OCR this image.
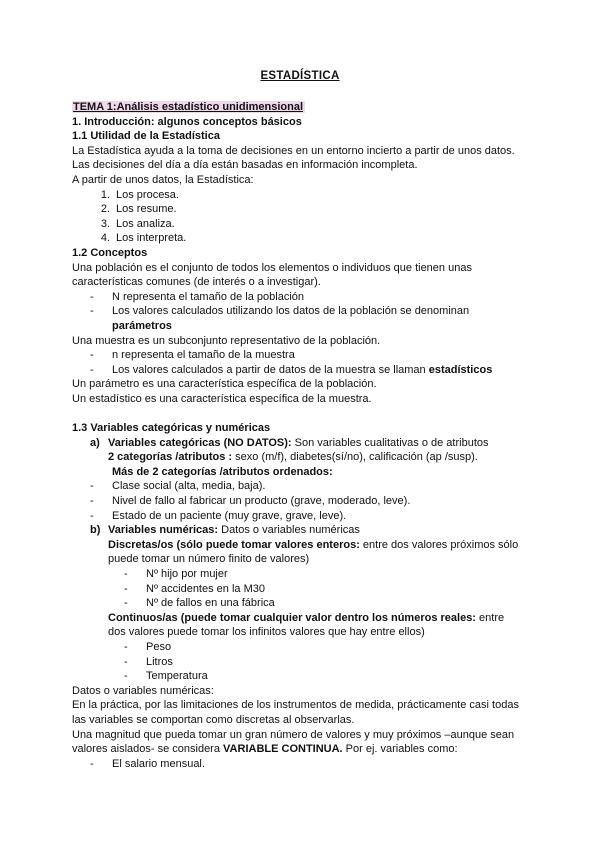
ESTADÍSTICA
TEMA 1:Análisis estadístico unidimensional
1. Introducción: algunos conceptos básicos
1.1 Utilidad de la Estadística
La Estadística ayuda a la toma de decisiones en un entorno incierto a partir de unos datos.
Las decisiones del día a día están basadas en información incompleta.
A partir de unos datos, la Estadística:
1. Los procesa.
2. Los resume.
3. Los analiza.
4. Los interpreta.
1.2 Conceptos
Una población es el conjunto de todos los elementos o individuos que tienen unas
características comunes (de interés o a investigar).
-	N representa el tamaño de la población
-	Los valores calculados utilizando los datos de la población se denominan
parámetros
Una muestra es un subconjunto representativo de la población.
-	n representa el tamaño de la muestra
-	Los valores calculados a partir de datos de la muestra se llaman estadísticos
Un parámetro es una característica específica de la población.
Un estadístico es una característica específica de la muestra.
1.3 Variables categóricas y numéricas
a) Variables categóricas (NO DATOS): Son variables cualitativas o de atributos
2 categorías /atributos : sexo (m/f), diabetes(sí/no), calificación (ap /susp).
Más de 2 categorías /atributos ordenados:
-	Clase social (alta, media, baja).
-	Nivel de fallo al fabricar un producto (grave, moderado, leve).
-	Estado de un paciente (muy grave, grave, leve).
b) Variables numéricas: Datos o variables numéricas
Discretas/os (sólo puede tomar valores enteros: entre dos valores próximos sólo
puede tomar un número finito de valores)
-	Nº hijo por mujer
-	Nº accidentes en la M30
-	Nº de fallos en una fábrica
Continuos/as (puede tomar cualquier valor dentro los números reales: entre
dos valores puede tomar los infinitos valores que hay entre ellos)
-	Peso
-	Litros
-	Temperatura
Datos o variables numéricas:
En la práctica, por las limitaciones de los instrumentos de medida, prácticamente casi todas
las variables se comportan como discretas al observarlas.
Una magnitud que pueda tomar un gran número de valores y muy próximos –aunque sean
valores aislados- se considera VARIABLE CONTINUA. Por ej. variables como:
-	El salario mensual.
